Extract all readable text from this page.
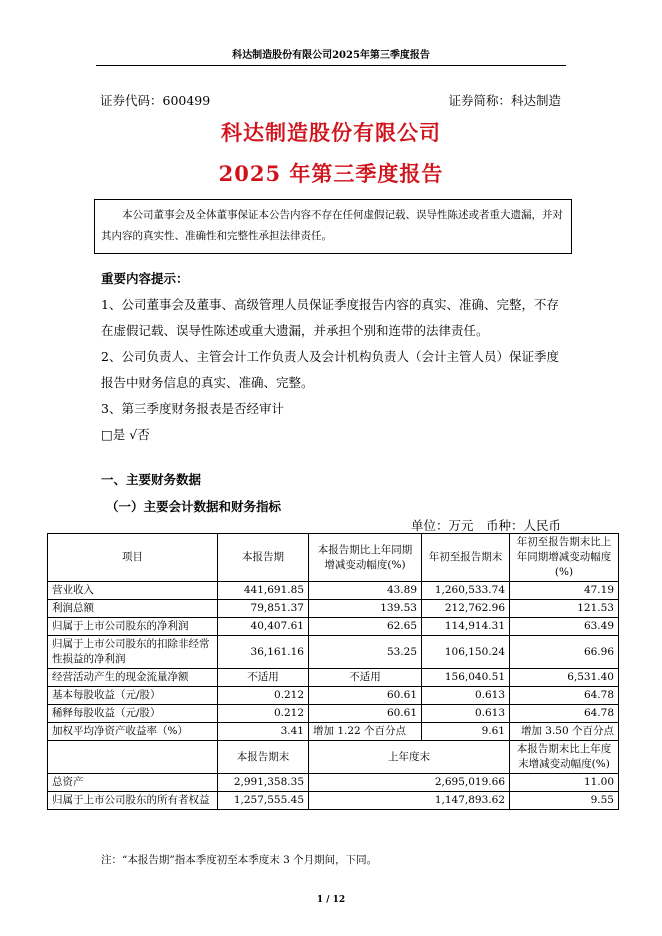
科达制造股份有限公司2025年第三季度报告
证券代码：600499	证券简称：科达制造
科达制造股份有限公司
2025 年第三季度报告
本公司董事会及全体董事保证本公告内容不存在任何虚假记载、误导性陈述或者重大遗漏，并对其内容的真实性、准确性和完整性承担法律责任。
重要内容提示：
1、公司董事会及董事、高级管理人员保证季度报告内容的真实、准确、完整，不存在虚假记载、误导性陈述或重大遗漏，并承担个别和连带的法律责任。
2、公司负责人、主管会计工作负责人及会计机构负责人（会计主管人员）保证季度报告中财务信息的真实、准确、完整。
3、第三季度财务报表是否经审计
□是 √否
一、主要财务数据
（一）主要会计数据和财务指标
单位：万元　币种：人民币
项目	本报告期	本报告期比上年同期增减变动幅度(%)	年初至报告期末	年初至报告期末比上年同期增减变动幅度(%)
营业收入	441,691.85	43.89	1,260,533.74	47.19
利润总额	79,851.37	139.53	212,762.96	121.53
归属于上市公司股东的净利润	40,407.61	62.65	114,914.31	63.49
归属于上市公司股东的扣除非经常性损益的净利润	36,161.16	53.25	106,150.24	66.96
经营活动产生的现金流量净额	不适用	不适用	156,040.51	6,531.40
基本每股收益（元/股）	0.212	60.61	0.613	64.78
稀释每股收益（元/股）	0.212	60.61	0.613	64.78
加权平均净资产收益率（%）	3.41	增加 1.22 个百分点	9.61	增加 3.50 个百分点
	本报告期末	上年度末		本报告期末比上年度末增减变动幅度(%)
总资产	2,991,358.35	2,695,019.66		11.00
归属于上市公司股东的所有者权益	1,257,555.45	1,147,893.62		9.55
注：“本报告期”指本季度初至本季度末 3 个月期间，下同。
1 / 12
